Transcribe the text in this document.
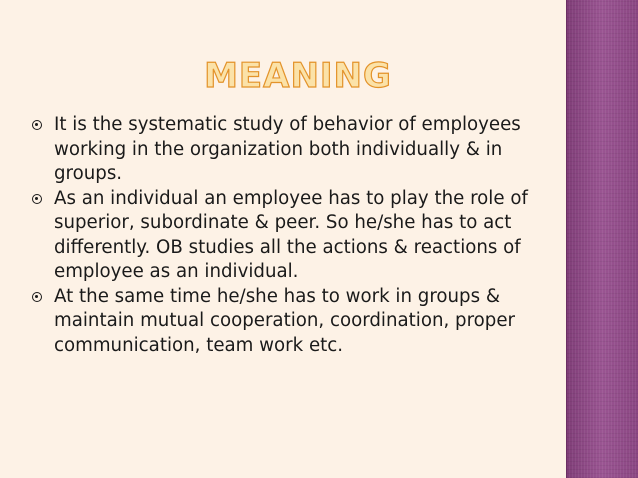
MEANING
It is the systematic study of behavior of employees working in the organization both individually & in groups.
As an individual an employee has to play the role of superior, subordinate & peer. So he/she has to act differently. OB studies all the actions & reactions of employee as an individual.
At the same time he/she has to work in groups & maintain mutual cooperation, coordination, proper communication, team work etc.
